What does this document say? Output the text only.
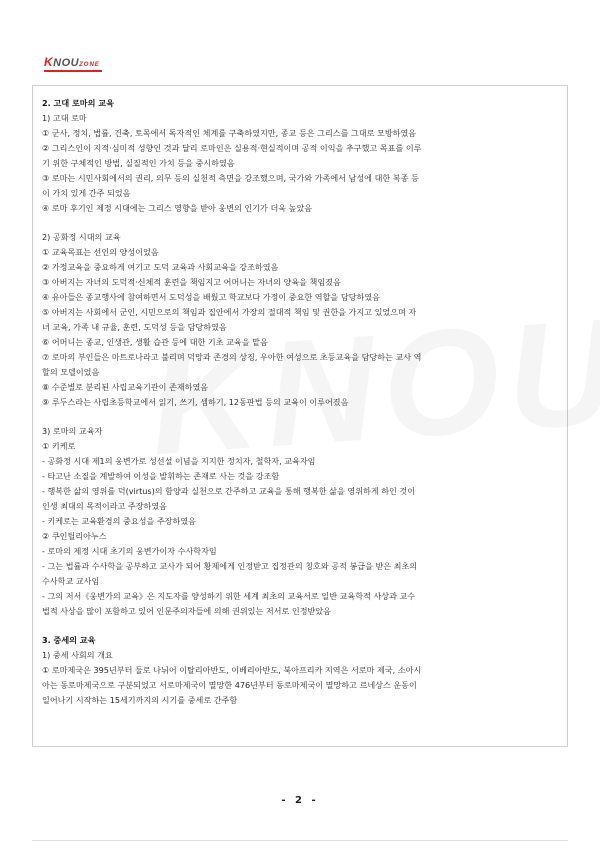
KNOUZONE
2. 고대 로마의 교육
1) 고대 로마
① 군사, 정치, 법률, 건축, 토목에서 독자적인 체계를 구축하였지만, 종교 등은 그리스를 그대로 모방하였음
② 그리스인이 지적·심미적 성향인 것과 달리 로마인은 실용적·현실적이며 공적 이익을 추구했고 목표를 이루
기 위한 구체적인 방법, 실질적인 가치 등을 중시하였음
③ 로마는 시민사회에서의 권리, 의무 등의 실천적 측면을 강조했으며, 국가와 가족에서 남성에 대한 복종 등
이 가치 있게 간주 되었음
④ 로마 후기인 제정 시대에는 그리스 영향을 받아 웅변의 인기가 더욱 높았음
2) 공화정 시대의 교육
① 교육목표는 선인의 양성이었음
② 가정교육을 중요하게 여기고 도덕 교육과 사회교육을 강조하였음
③ 아버지는 자녀의 도덕적·신체적 훈련을 책임지고 어머니는 자녀의 양육을 책임졌음
④ 유아들은 종교행사에 참여하면서 도덕성을 배웠고 학교보다 가정이 중요한 역할을 담당하였음
⑤ 아버지는 사회에서 군인, 시민으로의 책임과 집안에서 가장의 절대적 책임 및 권한을 가지고 있었으며 자
녀 교육, 가족 내 규율, 훈련, 도덕성 등을 담당하였음
⑥ 어머니는 종교, 인생관, 생활 습관 등에 대한 기초 교육을 맡음
⑦ 로마의 부인들은 마트로나라고 불리며 덕망과 존경의 상징, 우아한 여성으로 초등교육을 담당하는 교사 역
할의 모델이었음
⑧ 수준별로 분리된 사립교육기관이 존재하였음
⑨ 루두스라는 사립초등학교에서 읽기, 쓰기, 셈하기, 12동판법 등의 교육이 이루어졌음
3) 로마의 교육자
① 키케로
- 공화정 시대 제1의 웅변가로 성선설 이념을 지지한 정치자, 철학자, 교육자임
- 타고난 소질을 계발하여 이성을 발휘하는 존재로 사는 것을 강조함
- 행복한 삶의 영위를 덕(virtus)의 함양과 실천으로 간주하고 교육을 통해 행복한 삶을 영위하게 하인 것이
인생 최대의 목적이라고 주장하였음
- 키케로는 교육환경의 중요성을 주장하였음
② 쿠인틸리아누스
- 로마의 제정 시대 초기의 웅변가이자 수사학자임
- 그는 법률과 수사학을 공부하고 교사가 되어 황제에게 인정받고 집정관의 칭호와 공적 봉급을 받은 최초의
수사학교 교사임
- 그의 저서《웅변가의 교육》은 지도자를 양성하기 위한 세계 최초의 교육서로 일반 교육학적 사상과 교수
법적 사상을 많이 포함하고 있어 인문주의자들에 의해 권위있는 저서로 인정받았음
3. 중세의 교육
1) 중세 사회의 개요
① 로마제국은 395년부터 둘로 나뉘어 이탈리아반도, 이베리아반도, 북아프리카 지역은 서로마 제국, 소아시
아는 동로마제국으로 구분되었고 서로마제국이 멸망한 476년부터 동로마제국이 멸망하고 르네상스 운동이
일어나기 시작하는 15세기까지의 시기를 중세로 간주함
- 2 -
